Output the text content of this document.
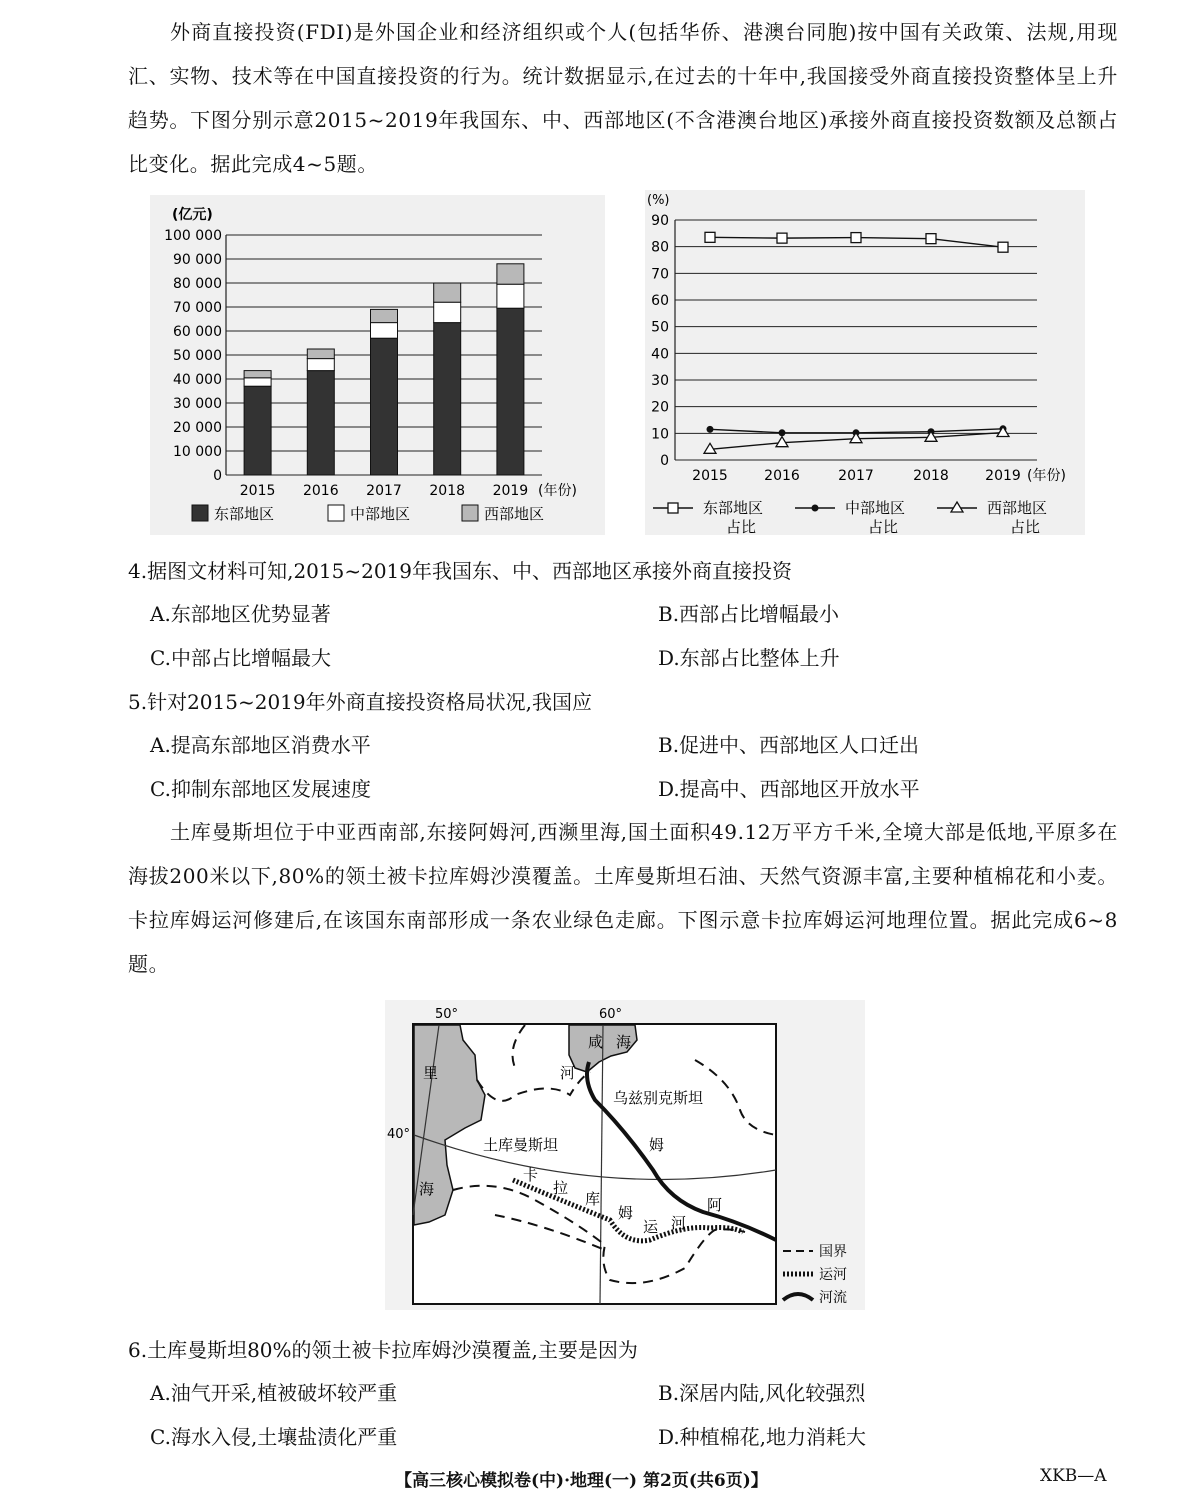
外商直接投资(FDI)是外国企业和经济组织或个人(包括华侨、港澳台同胞)按中国有关政策、法规,用现汇、实物、技术等在中国直接投资的行为。统计数据显示,在过去的十年中,我国接受外商直接投资整体呈上升趋势。下图分别示意2015~2019年我国东、中、西部地区(不含港澳台地区)承接外商直接投资数额及总额占比变化。据此完成4~5题。
0
10 000
20 000
30 000
40 000
50 000
60 000
70 000
80 000
90 000
100 000
(亿元)
2015 2016 2017 2018 2019 (年份)
东部地区	中部地区	西部地区
0
10
20
30
40
50
60
70
80
90
(%)
2015	2016	2017	2018	2019 (年份)
东部地区
占比
中部地区
占比
西部地区
占比
4.据图文材料可知,2015~2019年我国东、中、西部地区承接外商直接投资
A.东部地区优势显著	B.西部占比增幅最小
C.中部占比增幅最大	D.东部占比整体上升
5.针对2015~2019年外商直接投资格局状况,我国应
A.提高东部地区消费水平	B.促进中、西部地区人口迁出
C.抑制东部地区发展速度	D.提高中、西部地区开放水平
土库曼斯坦位于中亚西南部,东接阿姆河,西濒里海,国土面积49.12万平方千米,全境大部是低地,平原多在海拔200米以下,80%的领土被卡拉库姆沙漠覆盖。土库曼斯坦石油、天然气资源丰富,主要种植棉花和小麦。卡拉库姆运河修建后,在该国东南部形成一条农业绿色走廊。下图示意卡拉库姆运河地理位置。据此完成6~8题。
50°	60°
40°
咸 海
里
海
河
乌兹别克斯坦
土库曼斯坦	姆
阿
卡
拉
库
姆
运 河
国界
运河
河流
6.土库曼斯坦80%的领土被卡拉库姆沙漠覆盖,主要是因为
A.油气开采,植被破坏较严重	B.深居内陆,风化较强烈
C.海水入侵,土壤盐渍化严重	D.种植棉花,地力消耗大
【高三核心模拟卷(中)·地理(一) 第2页(共6页)】	XKB—A
